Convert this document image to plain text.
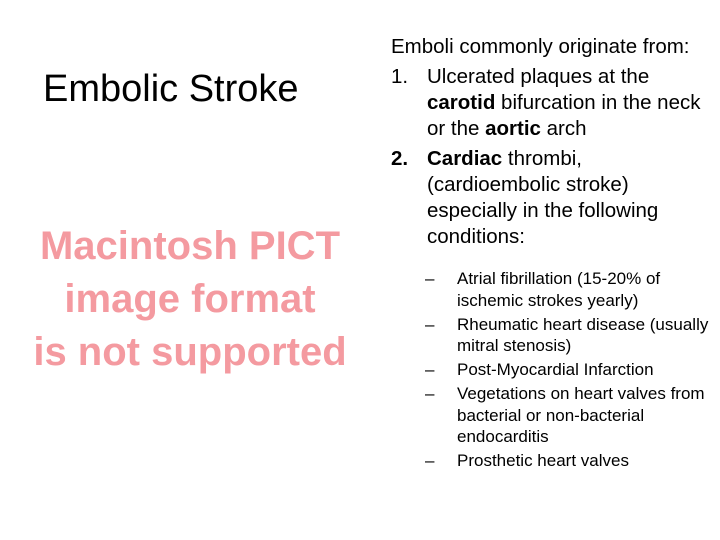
Embolic Stroke
Macintosh PICT
image format
is not supported
Emboli commonly originate from:
1. Ulcerated plaques at the carotid bifurcation in the neck or the aortic arch
2. Cardiac thrombi, (cardioembolic stroke) especially in the following conditions:
– Atrial fibrillation (15-20% of ischemic strokes yearly)
– Rheumatic heart disease (usually mitral stenosis)
– Post-Myocardial Infarction
– Vegetations on heart valves from bacterial or non-bacterial endocarditis
– Prosthetic heart valves
